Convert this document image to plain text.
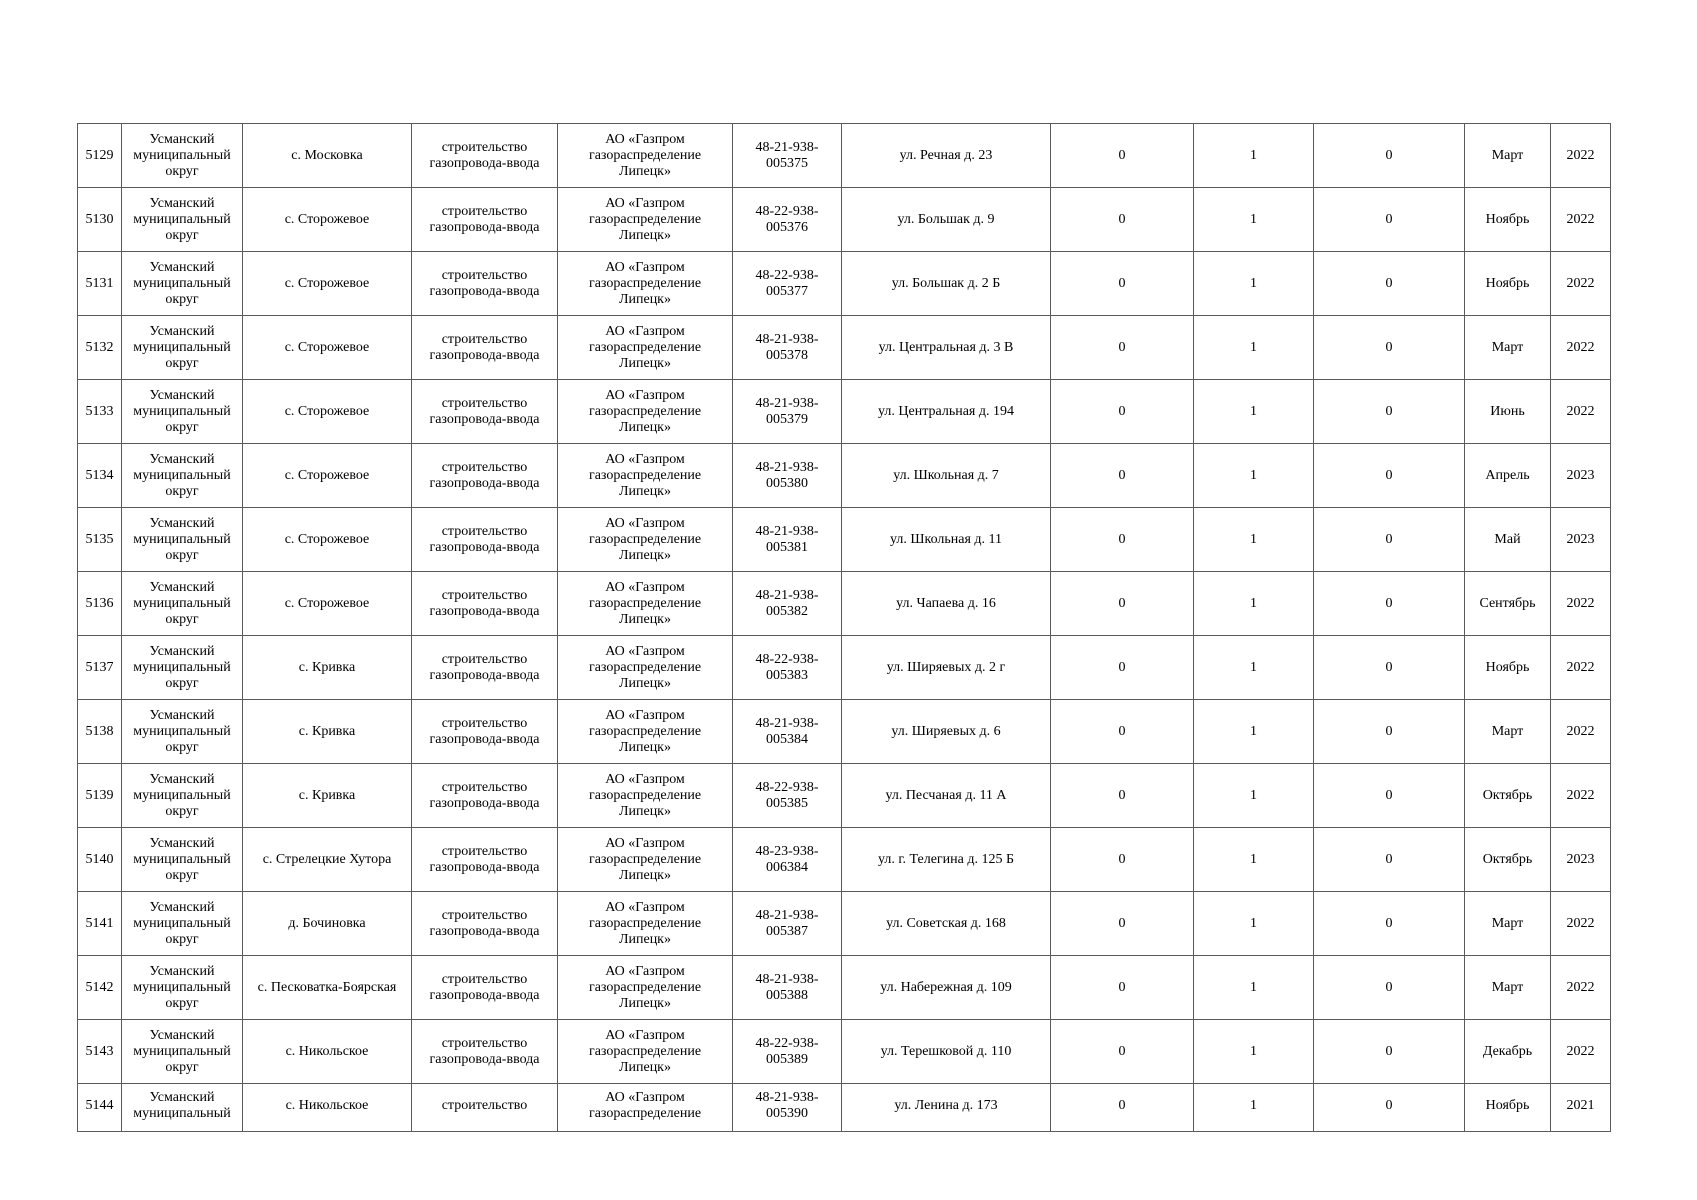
5129	Усманский
муниципальный
округ	с. Московка	строительство
газопровода-ввода	АО «Газпром
газораспределение
Липецк»	48-21-938-
005375	ул. Речная д. 23	0	1	0	Март	2022
5130	Усманский
муниципальный
округ	с. Сторожевое	строительство
газопровода-ввода	АО «Газпром
газораспределение
Липецк»	48-22-938-
005376	ул. Большак д. 9	0	1	0	Ноябрь	2022
5131	Усманский
муниципальный
округ	с. Сторожевое	строительство
газопровода-ввода	АО «Газпром
газораспределение
Липецк»	48-22-938-
005377	ул. Большак д. 2 Б	0	1	0	Ноябрь	2022
5132	Усманский
муниципальный
округ	с. Сторожевое	строительство
газопровода-ввода	АО «Газпром
газораспределение
Липецк»	48-21-938-
005378	ул. Центральная д. 3 В	0	1	0	Март	2022
5133	Усманский
муниципальный
округ	с. Сторожевое	строительство
газопровода-ввода	АО «Газпром
газораспределение
Липецк»	48-21-938-
005379	ул. Центральная д. 194	0	1	0	Июнь	2022
5134	Усманский
муниципальный
округ	с. Сторожевое	строительство
газопровода-ввода	АО «Газпром
газораспределение
Липецк»	48-21-938-
005380	ул. Школьная д. 7	0	1	0	Апрель	2023
5135	Усманский
муниципальный
округ	с. Сторожевое	строительство
газопровода-ввода	АО «Газпром
газораспределение
Липецк»	48-21-938-
005381	ул. Школьная д. 11	0	1	0	Май	2023
5136	Усманский
муниципальный
округ	с. Сторожевое	строительство
газопровода-ввода	АО «Газпром
газораспределение
Липецк»	48-21-938-
005382	ул. Чапаева д. 16	0	1	0	Сентябрь	2022
5137	Усманский
муниципальный
округ	с. Кривка	строительство
газопровода-ввода	АО «Газпром
газораспределение
Липецк»	48-22-938-
005383	ул. Ширяевых д. 2 г	0	1	0	Ноябрь	2022
5138	Усманский
муниципальный
округ	с. Кривка	строительство
газопровода-ввода	АО «Газпром
газораспределение
Липецк»	48-21-938-
005384	ул. Ширяевых д. 6	0	1	0	Март	2022
5139	Усманский
муниципальный
округ	с. Кривка	строительство
газопровода-ввода	АО «Газпром
газораспределение
Липецк»	48-22-938-
005385	ул. Песчаная д. 11 А	0	1	0	Октябрь	2022
5140	Усманский
муниципальный
округ	с. Стрелецкие Хутора	строительство
газопровода-ввода	АО «Газпром
газораспределение
Липецк»	48-23-938-
006384	ул. г. Телегина д. 125 Б	0	1	0	Октябрь	2023
5141	Усманский
муниципальный
округ	д. Бочиновка	строительство
газопровода-ввода	АО «Газпром
газораспределение
Липецк»	48-21-938-
005387	ул. Советская д. 168	0	1	0	Март	2022
5142	Усманский
муниципальный
округ	с. Песковатка-Боярская	строительство
газопровода-ввода	АО «Газпром
газораспределение
Липецк»	48-21-938-
005388	ул. Набережная д. 109	0	1	0	Март	2022
5143	Усманский
муниципальный
округ	с. Никольское	строительство
газопровода-ввода	АО «Газпром
газораспределение
Липецк»	48-22-938-
005389	ул. Терешковой д. 110	0	1	0	Декабрь	2022
5144	Усманский
муниципальный	с. Никольское	строительство	АО «Газпром
газораспределение	48-21-938-
005390	ул. Ленина д. 173	0	1	0	Ноябрь	2021
